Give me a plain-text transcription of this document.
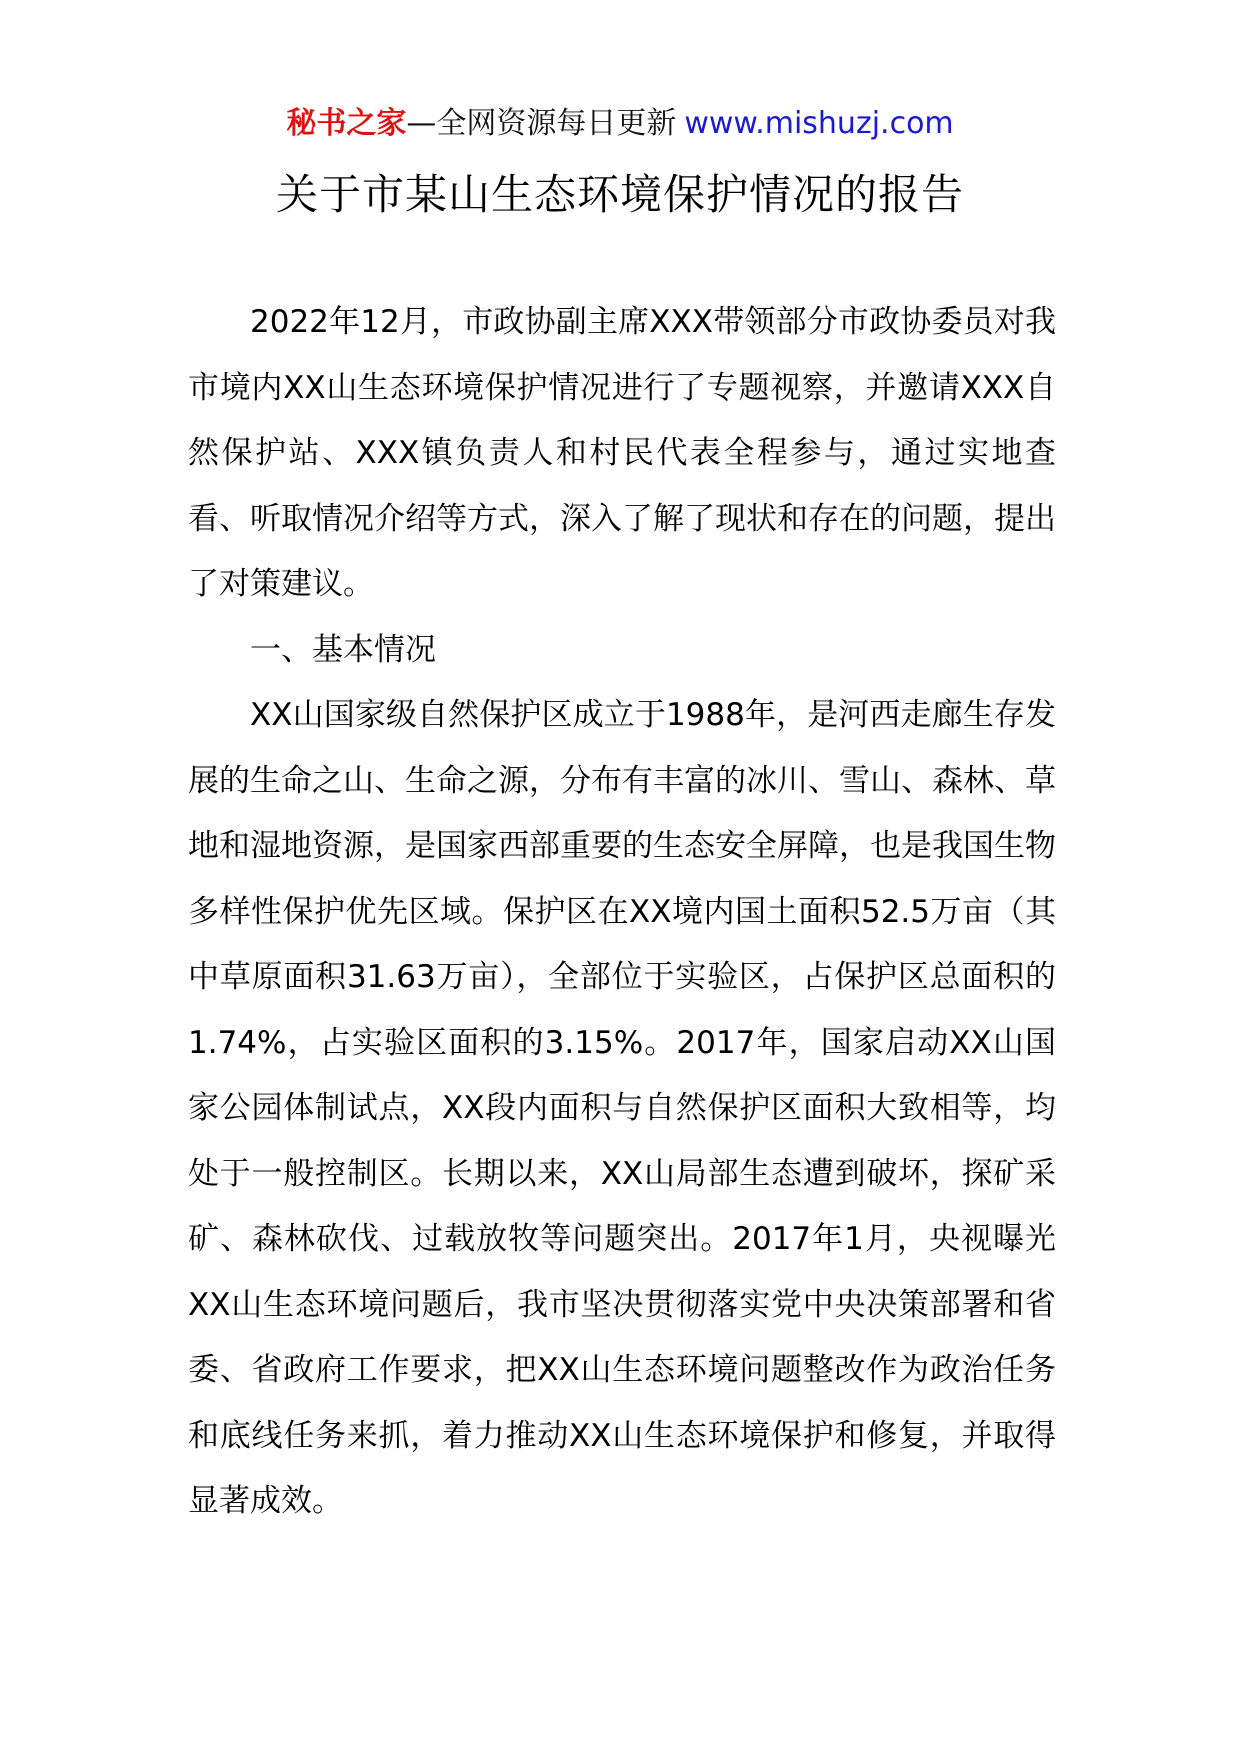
秘书之家—全网资源每日更新 www.mishuzj.com
关于市某山生态环境保护情况的报告

2022年12月，市政协副主席XXX带领部分市政协委员对我市境内XX山生态环境保护情况进行了专题视察，并邀请XXX自然保护站、XXX镇负责人和村民代表全程参与，通过实地查看、听取情况介绍等方式，深入了解了现状和存在的问题，提出了对策建议。

一、基本情况

XX山国家级自然保护区成立于1988年，是河西走廊生存发展的生命之山、生命之源，分布有丰富的冰川、雪山、森林、草地和湿地资源，是国家西部重要的生态安全屏障，也是我国生物多样性保护优先区域。保护区在XX境内国土面积52.5万亩（其中草原面积31.63万亩），全部位于实验区，占保护区总面积的1.74%，占实验区面积的3.15%。2017年，国家启动XX山国家公园体制试点，XX段内面积与自然保护区面积大致相等，均处于一般控制区。长期以来，XX山局部生态遭到破坏，探矿采矿、森林砍伐、过载放牧等问题突出。2017年1月，央视曝光XX山生态环境问题后，我市坚决贯彻落实党中央决策部署和省委、省政府工作要求，把XX山生态环境问题整改作为政治任务和底线任务来抓，着力推动XX山生态环境保护和修复，并取得显著成效。
